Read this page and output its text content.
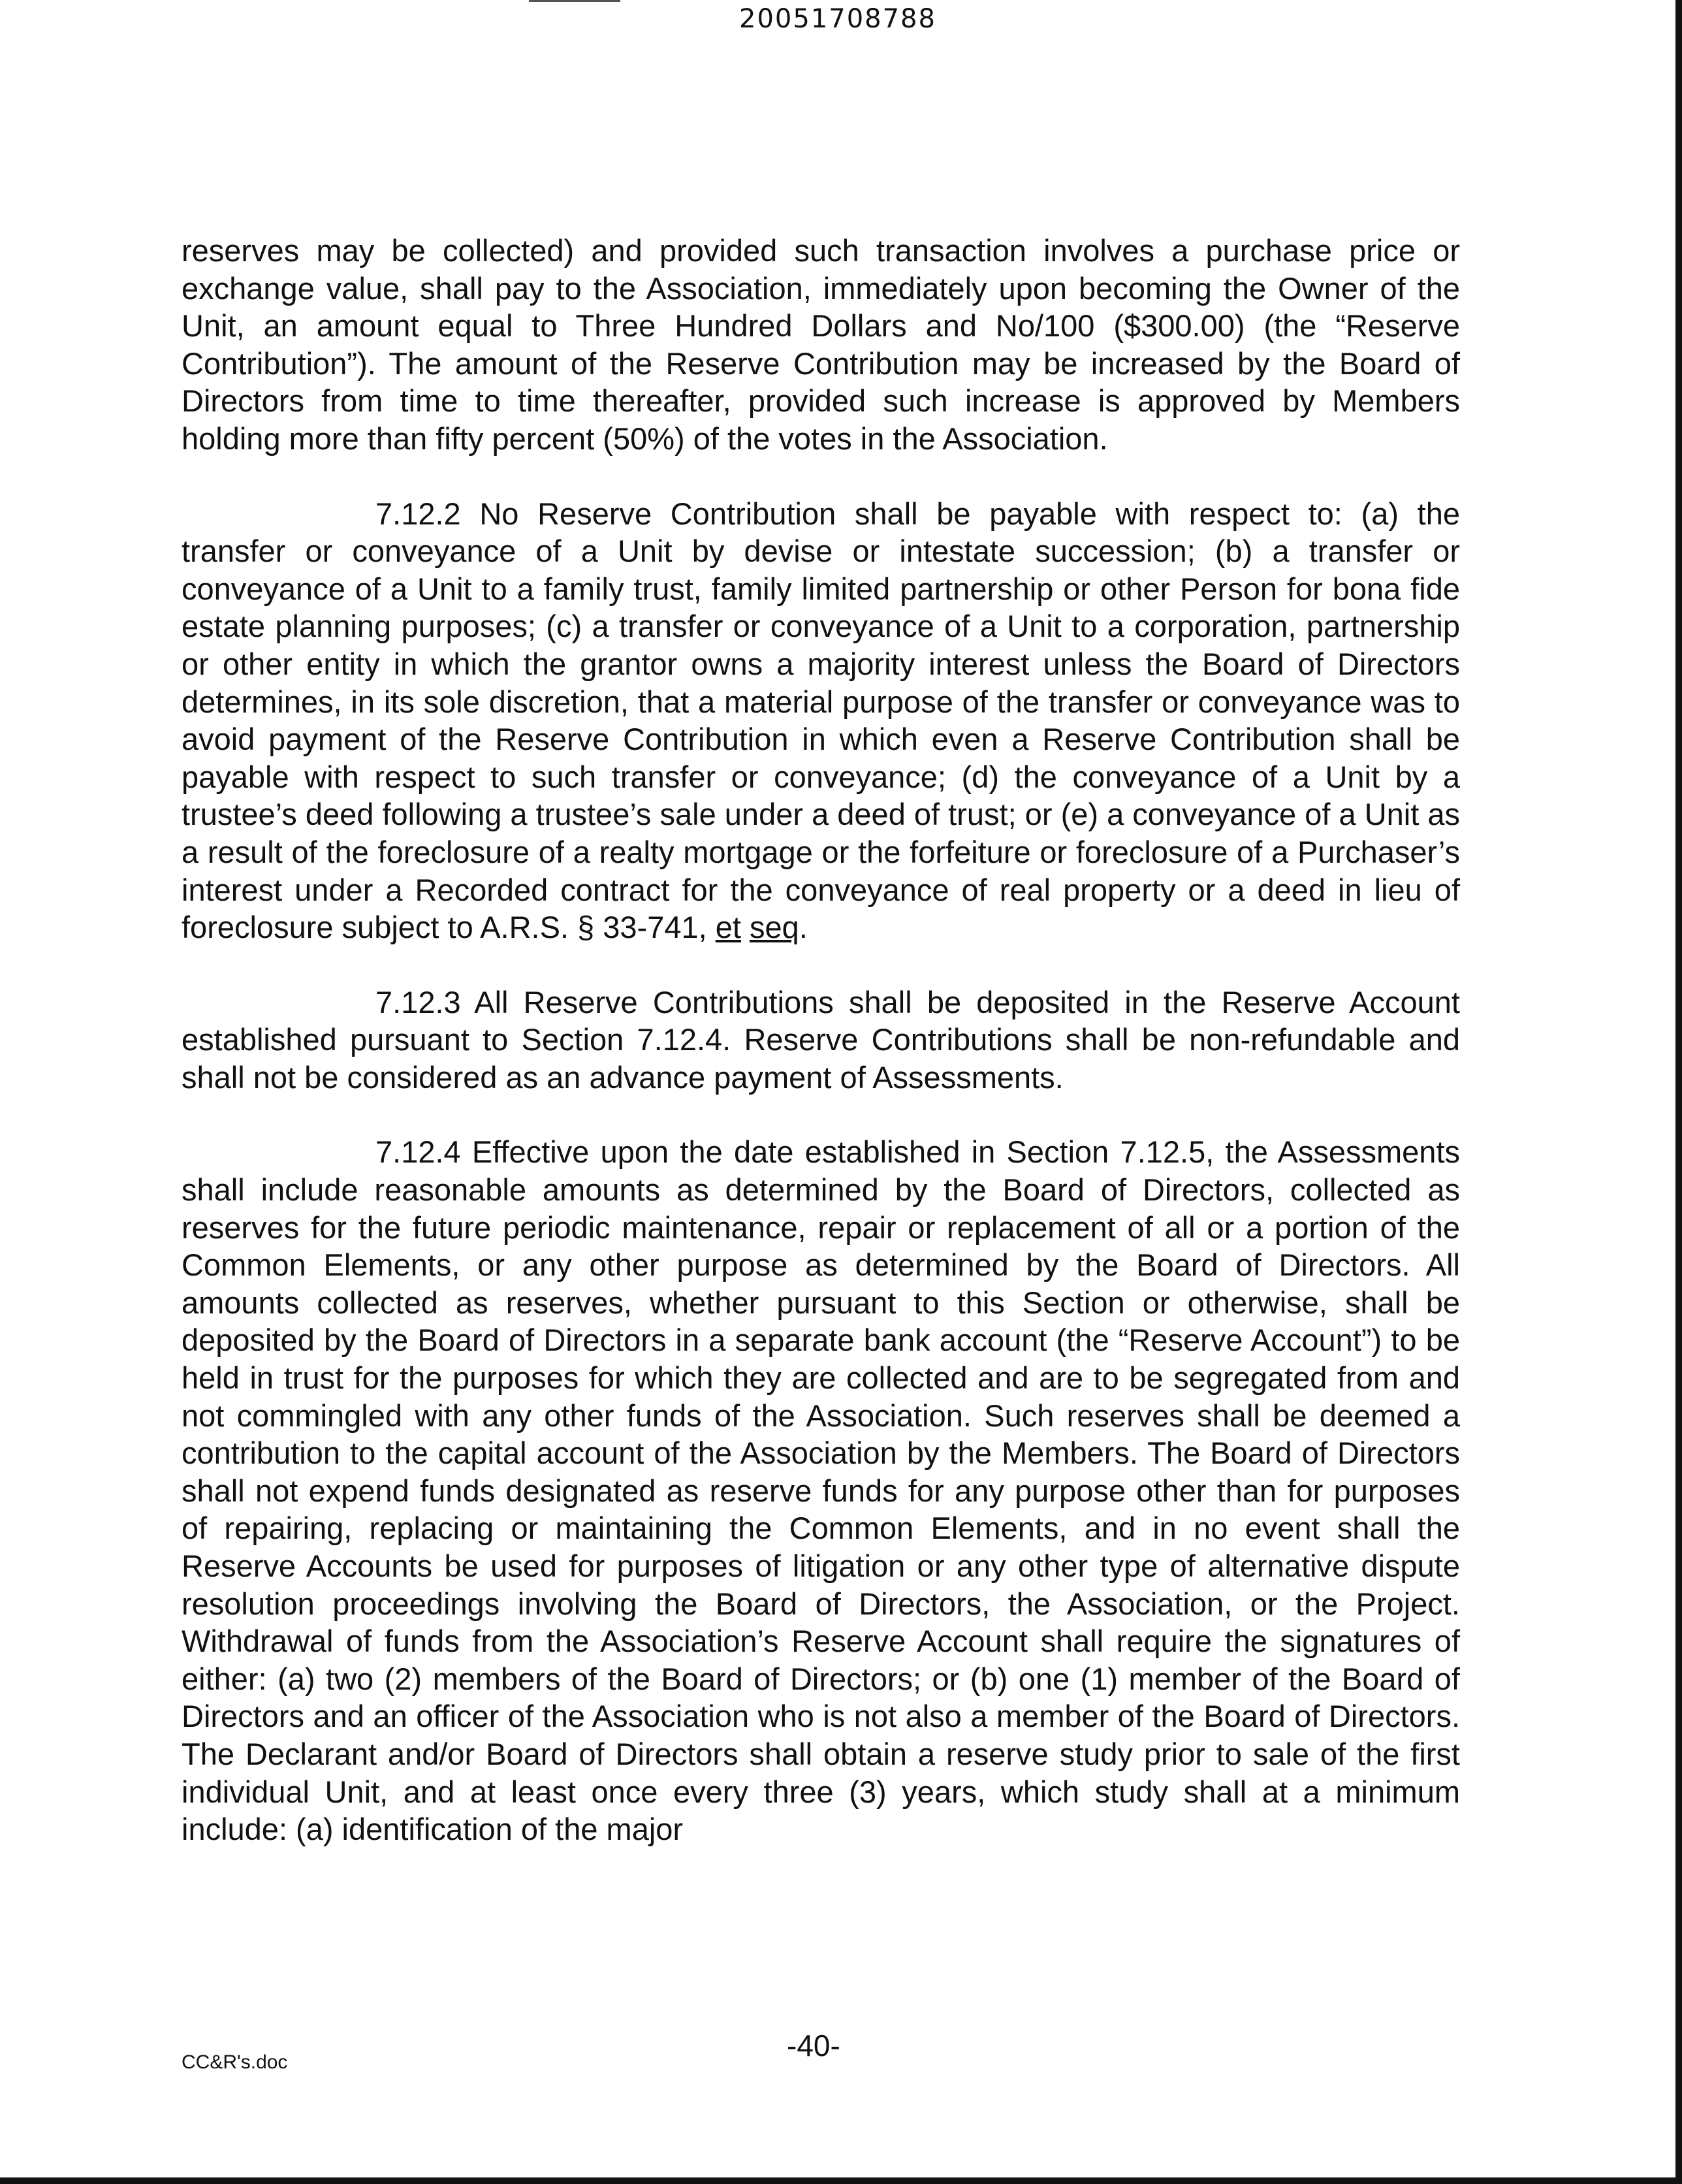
20051708788

reserves may be collected) and provided such transaction involves a purchase price or exchange value, shall pay to the Association, immediately upon becoming the Owner of the Unit, an amount equal to Three Hundred Dollars and No/100 ($300.00) (the “Reserve Contribution”). The amount of the Reserve Contribution may be increased by the Board of Directors from time to time thereafter, provided such increase is approved by Members holding more than fifty percent (50%) of the votes in the Association.

7.12.2 No Reserve Contribution shall be payable with respect to: (a) the transfer or conveyance of a Unit by devise or intestate succession; (b) a transfer or conveyance of a Unit to a family trust, family limited partnership or other Person for bona fide estate planning purposes; (c) a transfer or conveyance of a Unit to a corporation, partnership or other entity in which the grantor owns a majority interest unless the Board of Directors determines, in its sole discretion, that a material purpose of the transfer or conveyance was to avoid payment of the Reserve Contribution in which even a Reserve Contribution shall be payable with respect to such transfer or conveyance; (d) the conveyance of a Unit by a trustee’s deed following a trustee’s sale under a deed of trust; or (e) a conveyance of a Unit as a result of the foreclosure of a realty mortgage or the forfeiture or foreclosure of a Purchaser’s interest under a Recorded contract for the conveyance of real property or a deed in lieu of foreclosure subject to A.R.S. § 33-741, et seq.

7.12.3 All Reserve Contributions shall be deposited in the Reserve Account established pursuant to Section 7.12.4. Reserve Contributions shall be non-refundable and shall not be considered as an advance payment of Assessments.

7.12.4 Effective upon the date established in Section 7.12.5, the Assessments shall include reasonable amounts as determined by the Board of Directors, collected as reserves for the future periodic maintenance, repair or replacement of all or a portion of the Common Elements, or any other purpose as determined by the Board of Directors. All amounts collected as reserves, whether pursuant to this Section or otherwise, shall be deposited by the Board of Directors in a separate bank account (the “Reserve Account”) to be held in trust for the purposes for which they are collected and are to be segregated from and not commingled with any other funds of the Association. Such reserves shall be deemed a contribution to the capital account of the Association by the Members. The Board of Directors shall not expend funds designated as reserve funds for any purpose other than for purposes of repairing, replacing or maintaining the Common Elements, and in no event shall the Reserve Accounts be used for purposes of litigation or any other type of alternative dispute resolution proceedings involving the Board of Directors, the Association, or the Project. Withdrawal of funds from the Association’s Reserve Account shall require the signatures of either: (a) two (2) members of the Board of Directors; or (b) one (1) member of the Board of Directors and an officer of the Association who is not also a member of the Board of Directors. The Declarant and/or Board of Directors shall obtain a reserve study prior to sale of the first individual Unit, and at least once every three (3) years, which study shall at a minimum include: (a) identification of the major

CC&R's.doc	-40-
